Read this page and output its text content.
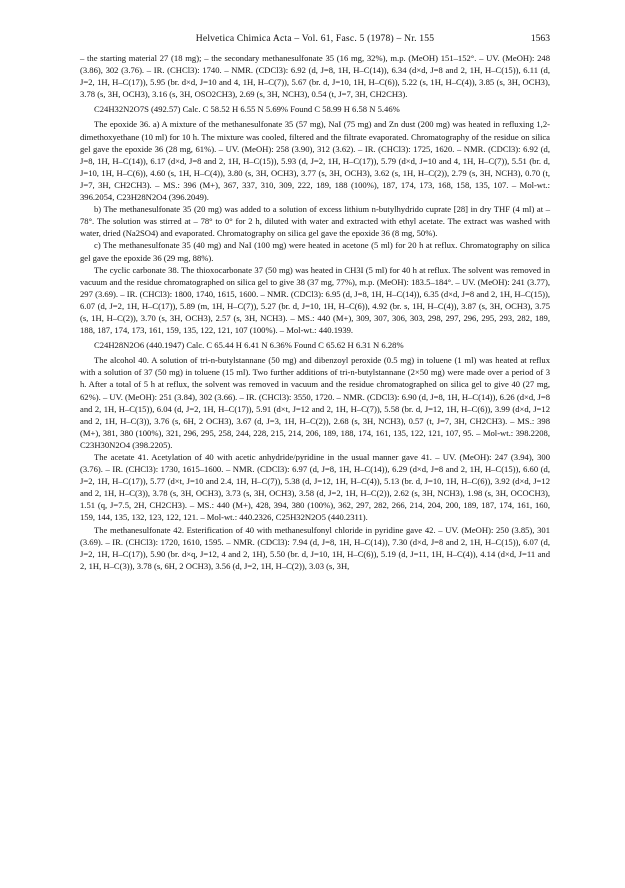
Helvetica Chimica Acta – Vol. 61, Fasc. 5 (1978) – Nr. 155	1563

– the starting material 27 (18 mg); – the secondary methanesulfonate 35 (16 mg, 32%), m.p. (MeOH) 151–152°. – UV. (MeOH): 248 (3.86), 302 (3.76). – IR. (CHCl3): 1740. – NMR. (CDCl3): 6.92 (d, J=8, 1H, H–C(14)), 6.34 (d×d, J=8 and 2, 1H, H–C(15)), 6.11 (d, J=2, 1H, H–C(17)), 5.95 (br. d×d, J=10 and 4, 1H, H–C(7)), 5.67 (br. d, J=10, 1H, H–C(6)), 5.22 (s, 1H, H–C(4)), 3.85 (s, 3H, OCH3), 3.78 (s, 3H, OCH3), 3.16 (s, 3H, OSO2CH3), 2.69 (s, 3H, NCH3), 0.54 (t, J=7, 3H, CH2CH3).

C24H32N2O7S (492.57) Calc. C 58.52 H 6.55 N 5.69% Found C 58.99 H 6.58 N 5.46%

The epoxide 36. a) A mixture of the methanesulfonate 35 (57 mg), NaI (75 mg) and Zn dust (200 mg) was heated in refluxing 1,2-dimethoxyethane (10 ml) for 10 h. The mixture was cooled, filtered and the filtrate evaporated. Chromatography of the residue on silica gel gave the epoxide 36 (28 mg, 61%). – UV. (MeOH): 258 (3.90), 312 (3.62). – IR. (CHCl3): 1725, 1620. – NMR. (CDCl3): 6.92 (d, J=8, 1H, H–C(14)), 6.17 (d×d, J=8 and 2, 1H, H–C(15)), 5.93 (d, J=2, 1H, H–C(17)), 5.79 (d×d, J=10 and 4, 1H, H–C(7)), 5.51 (br. d, J=10, 1H, H–C(6)), 4.60 (s, 1H, H–C(4)), 3.80 (s, 3H, OCH3), 3.77 (s, 3H, OCH3), 3.62 (s, 1H, H–C(2)), 2.79 (s, 3H, NCH3), 0.70 (t, J=7, 3H, CH2CH3). – MS.: 396 (M+), 367, 337, 310, 309, 222, 189, 188 (100%), 187, 174, 173, 168, 158, 135, 107. – Mol-wt.: 396.2054, C23H28N2O4 (396.2049).

b) The methanesulfonate 35 (20 mg) was added to a solution of excess lithium n-butylhydrido cuprate [28] in dry THF (4 ml) at – 78°. The solution was stirred at – 78° to 0° for 2 h, diluted with water and extracted with ethyl acetate. The extract was washed with water, dried (Na2SO4) and evaporated. Chromatography on silica gel gave the epoxide 36 (8 mg, 50%).

c) The methanesulfonate 35 (40 mg) and NaI (100 mg) were heated in acetone (5 ml) for 20 h at reflux. Chromatography on silica gel gave the epoxide 36 (29 mg, 88%).

The cyclic carbonate 38. The thioxocarbonate 37 (50 mg) was heated in CH3I (5 ml) for 40 h at reflux. The solvent was removed in vacuum and the residue chromatographed on silica gel to give 38 (37 mg, 77%), m.p. (MeOH): 183.5–184°. – UV. (MeOH): 241 (3.77), 297 (3.69). – IR. (CHCl3): 1800, 1740, 1615, 1600. – NMR. (CDCl3): 6.95 (d, J=8, 1H, H–C(14)), 6.35 (d×d, J=8 and 2, 1H, H–C(15)), 6.07 (d, J=2, 1H, H–C(17)), 5.89 (m, 1H, H–C(7)), 5.27 (br. d, J=10, 1H, H–C(6)), 4.92 (br. s, 1H, H–C(4)), 3.87 (s, 3H, OCH3), 3.75 (s, 1H, H–C(2)), 3.70 (s, 3H, OCH3), 2.57 (s, 3H, NCH3). – MS.: 440 (M+), 309, 307, 306, 303, 298, 297, 296, 295, 293, 282, 189, 188, 187, 174, 173, 161, 159, 135, 122, 121, 107 (100%). – Mol-wt.: 440.1939.

C24H28N2O6 (440.1947) Calc. C 65.44 H 6.41 N 6.36% Found C 65.62 H 6.31 N 6.28%

The alcohol 40. A solution of tri-n-butylstannane (50 mg) and dibenzoyl peroxide (0.5 mg) in toluene (1 ml) was heated at reflux with a solution of 37 (50 mg) in toluene (15 ml). Two further additions of tri-n-butylstannane (2×50 mg) were made over a period of 3 h. After a total of 5 h at reflux, the solvent was removed in vacuum and the residue chromatographed on silica gel to give 40 (27 mg, 62%). – UV. (MeOH): 251 (3.84), 302 (3.66). – IR. (CHCl3): 3550, 1720. – NMR. (CDCl3): 6.90 (d, J=8, 1H, H–C(14)), 6.26 (d×d, J=8 and 2, 1H, H–C(15)), 6.04 (d, J=2, 1H, H–C(17)), 5.91 (d×t, J=12 and 2, 1H, H–C(7)), 5.58 (br. d, J=12, 1H, H–C(6)), 3.99 (d×d, J=12 and 2, 1H, H–C(3)), 3.76 (s, 6H, 2 OCH3), 3.67 (d, J=3, 1H, H–C(2)), 2.68 (s, 3H, NCH3), 0.57 (t, J=7, 3H, CH2CH3). – MS.: 398 (M+), 381, 380 (100%), 321, 296, 295, 258, 244, 228, 215, 214, 206, 189, 188, 174, 161, 135, 122, 121, 107, 95. – Mol-wt.: 398.2208, C23H30N2O4 (398.2205).

The acetate 41. Acetylation of 40 with acetic anhydride/pyridine in the usual manner gave 41. – UV. (MeOH): 247 (3.94), 300 (3.76). – IR. (CHCl3): 1730, 1615–1600. – NMR. (CDCl3): 6.97 (d, J=8, 1H, H–C(14)), 6.29 (d×d, J=8 and 2, 1H, H–C(15)), 6.60 (d, J=2, 1H, H–C(17)), 5.77 (d×t, J=10 and 2.4, 1H, H–C(7)), 5.38 (d, J=12, 1H, H–C(4)), 5.13 (br. d, J=10, 1H, H–C(6)), 3.92 (d×d, J=12 and 2, 1H, H–C(3)), 3.78 (s, 3H, OCH3), 3.73 (s, 3H, OCH3), 3.58 (d, J=2, 1H, H–C(2)), 2.62 (s, 3H, NCH3), 1.98 (s, 3H, OCOCH3), 1.51 (q, J=7.5, 2H, CH2CH3). – MS.: 440 (M+), 428, 394, 380 (100%), 362, 297, 282, 266, 214, 204, 200, 189, 187, 174, 161, 160, 159, 144, 135, 132, 123, 122, 121. – Mol-wt.: 440.2326, C25H32N2O5 (440.2311).

The methanesulfonate 42. Esterification of 40 with methanesulfonyl chloride in pyridine gave 42. – UV. (MeOH): 250 (3.85), 301 (3.69). – IR. (CHCl3): 1720, 1610, 1595. – NMR. (CDCl3): 7.94 (d, J=8, 1H, H–C(14)), 7.30 (d×d, J=8 and 2, 1H, H–C(15)), 6.07 (d, J=2, 1H, H–C(17)), 5.90 (br. d×q, J=12, 4 and 2, 1H), 5.50 (br. d, J=10, 1H, H–C(6)), 5.19 (d, J=11, 1H, H–C(4)), 4.14 (d×d, J=11 and 2, 1H, H–C(3)), 3.78 (s, 6H, 2 OCH3), 3.56 (d, J=2, 1H, H–C(2)), 3.03 (s, 3H,
